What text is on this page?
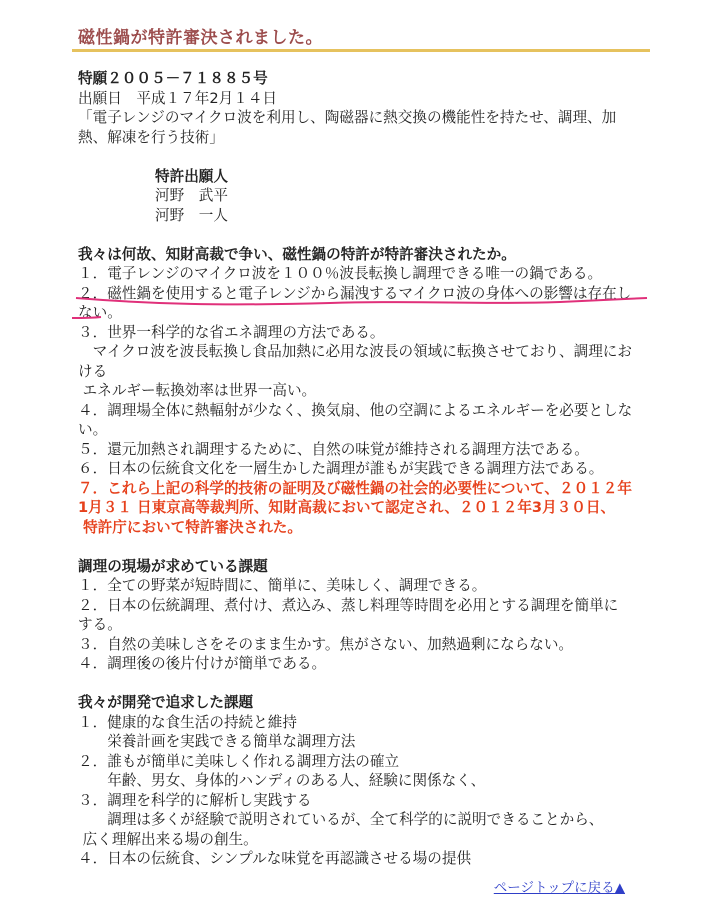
磁性鍋が特許審決されました。
特願２００５－７１８８５号
出願日　平成１７年2月１４日
「電子レンジのマイクロ波を利用し、陶磁器に熱交換の機能性を持たせ、調理、加
熱、解凍を行う技術」
特許出願人
河野　武平
河野　一人
我々は何故、知財高裁で争い、磁性鍋の特許が特許審決されたか。
１．電子レンジのマイクロ波を１００％波長転換し調理できる唯一の鍋である。
２．磁性鍋を使用すると電子レンジから漏洩するマイクロ波の身体への影響は存在し
ない。
３．世界一科学的な省エネ調理の方法である。
　マイクロ波を波長転換し食品加熱に必用な波長の領域に転換させており、調理にお
ける
エネルギー転換効率は世界一高い。
４．調理場全体に熱輻射が少なく、換気扇、他の空調によるエネルギーを必要としな
い。
５．還元加熱され調理するために、自然の味覚が維持される調理方法である。
６．日本の伝統食文化を一層生かした調理が誰もが実践できる調理方法である。
７．これら上記の科学的技術の証明及び磁性鍋の社会的必要性について、２０１２年
1月３１ 日東京高等裁判所、知財高裁において認定され、２０１２年3月３０日、
特許庁において特許審決された。
調理の現場が求めている課題
１．全ての野菜が短時間に、簡単に、美味しく、調理できる。
２．日本の伝統調理、煮付け、煮込み、蒸し料理等時間を必用とする調理を簡単に
する。
３．自然の美味しさをそのまま生かす。焦がさない、加熱過剰にならない。
４．調理後の後片付けが簡単である。
我々が開発で追求した課題
１．健康的な食生活の持続と維持
　　栄養計画を実践できる簡単な調理方法
２．誰もが簡単に美味しく作れる調理方法の確立
　　年齢、男女、身体的ハンディのある人、経験に関係なく、
３．調理を科学的に解析し実践する
　　調理は多くが経験で説明されているが、全て科学的に説明できることから、
広く理解出来る場の創生。
４．日本の伝統食、シンプルな味覚を再認識させる場の提供
ページトップに戻る▲
